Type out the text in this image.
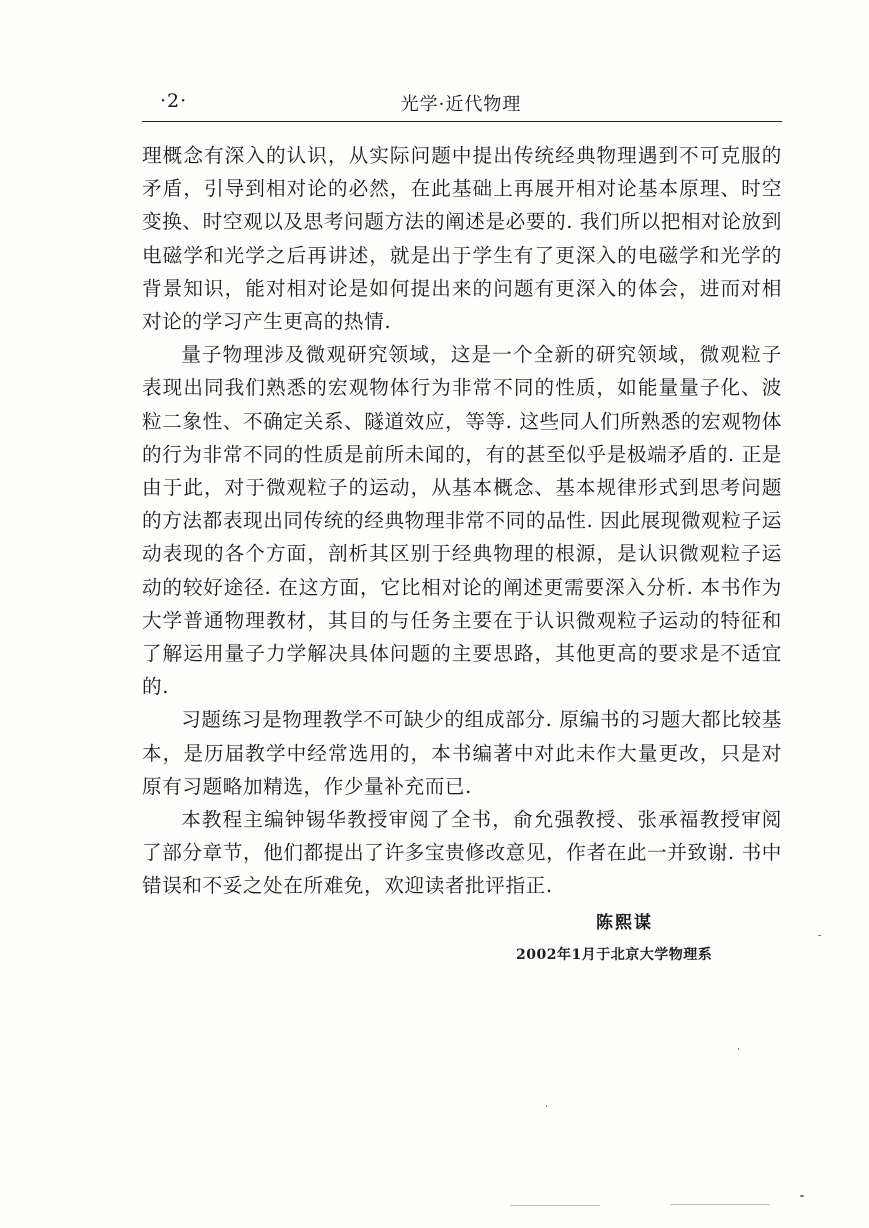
·2·	光学·近代物理

理概念有深入的认识，从实际问题中提出传统经典物理遇到不可克服的矛盾，引导到相对论的必然，在此基础上再展开相对论基本原理、时空变换、时空观以及思考问题方法的阐述是必要的. 我们所以把相对论放到电磁学和光学之后再讲述，就是出于学生有了更深入的电磁学和光学的背景知识，能对相对论是如何提出来的问题有更深入的体会，进而对相对论的学习产生更高的热情.

量子物理涉及微观研究领域，这是一个全新的研究领域，微观粒子表现出同我们熟悉的宏观物体行为非常不同的性质，如能量量子化、波粒二象性、不确定关系、隧道效应，等等. 这些同人们所熟悉的宏观物体的行为非常不同的性质是前所未闻的，有的甚至似乎是极端矛盾的. 正是由于此，对于微观粒子的运动，从基本概念、基本规律形式到思考问题的方法都表现出同传统的经典物理非常不同的品性. 因此展现微观粒子运动表现的各个方面，剖析其区别于经典物理的根源，是认识微观粒子运动的较好途径. 在这方面，它比相对论的阐述更需要深入分析. 本书作为大学普通物理教材，其目的与任务主要在于认识微观粒子运动的特征和了解运用量子力学解决具体问题的主要思路，其他更高的要求是不适宜的.

习题练习是物理教学不可缺少的组成部分. 原编书的习题大都比较基本，是历届教学中经常选用的，本书编著中对此未作大量更改，只是对原有习题略加精选，作少量补充而已.

本教程主编钟锡华教授审阅了全书，俞允强教授、张承福教授审阅了部分章节，他们都提出了许多宝贵修改意见，作者在此一并致谢. 书中错误和不妥之处在所难免，欢迎读者批评指正.

陈熙谋
2002年1月于北京大学物理系
